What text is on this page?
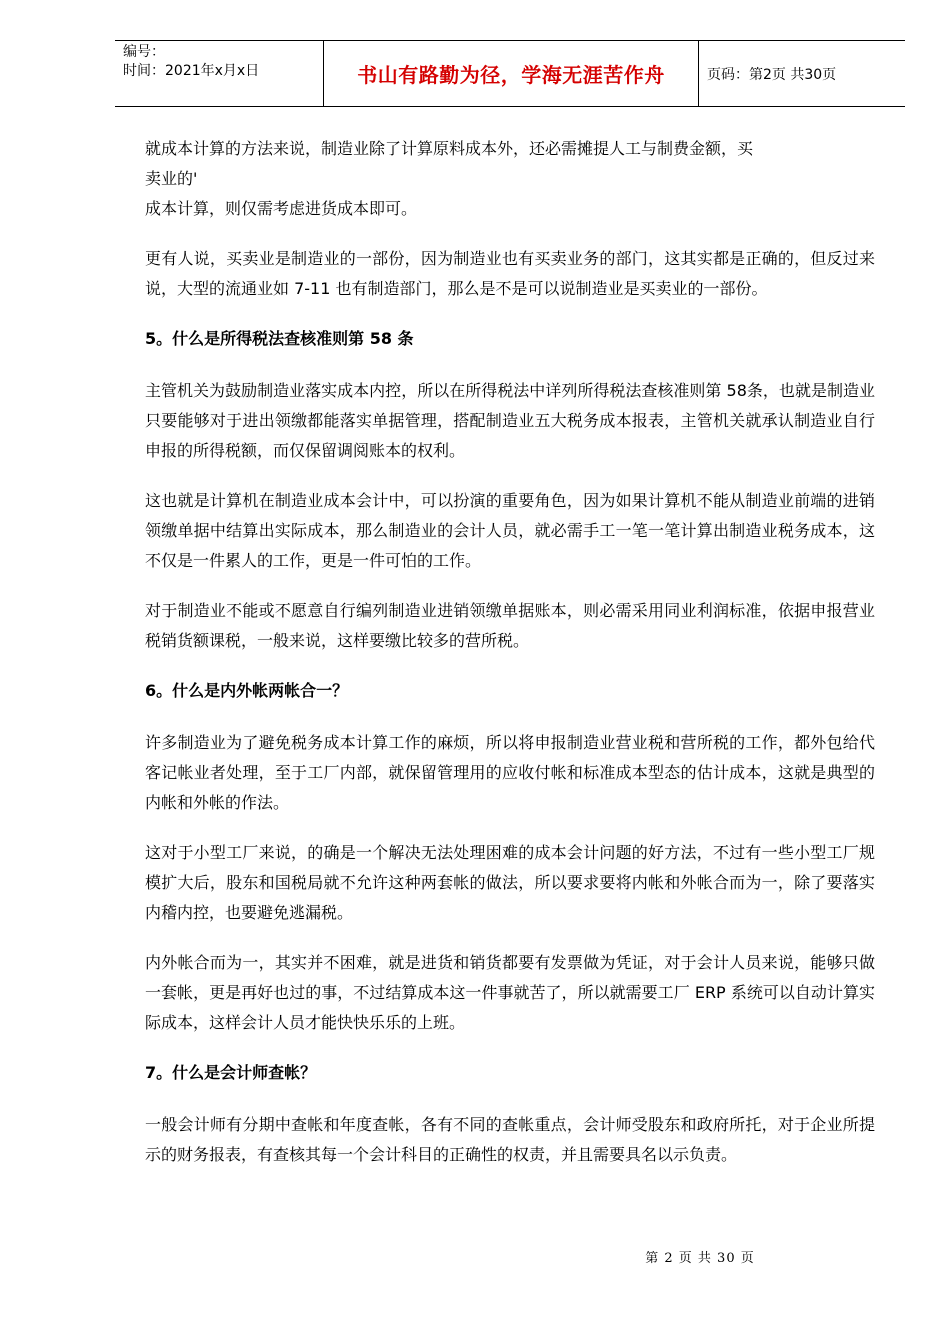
编号：
时间：2021年x月x日	书山有路勤为径，学海无涯苦作舟	页码：第2页 共30页
就成本计算的方法来说，制造业除了计算原料成本外，还必需摊提人工与制费金额，买
卖业的'
成本计算，则仅需考虑进货成本即可。
更有人说，买卖业是制造业的一部份，因为制造业也有买卖业务的部门，这其实都是正确的，但反过来说，大型的流通业如 7-11 也有制造部门，那么是不是可以说制造业是买卖业的一部份。
5。什么是所得税法查核准则第 58 条
主管机关为鼓励制造业落实成本内控，所以在所得税法中详列所得税法查核准则第 58条，也就是制造业只要能够对于进出领缴都能落实单据管理，搭配制造业五大税务成本报表，主管机关就承认制造业自行申报的所得税额，而仅保留调阅账本的权利。
这也就是计算机在制造业成本会计中，可以扮演的重要角色，因为如果计算机不能从制造业前端的进销领缴单据中结算出实际成本，那么制造业的会计人员，就必需手工一笔一笔计算出制造业税务成本，这不仅是一件累人的工作，更是一件可怕的工作。
对于制造业不能或不愿意自行编列制造业进销领缴单据账本，则必需采用同业利润标准，依据申报营业税销货额课税，一般来说，这样要缴比较多的营所税。
6。什么是内外帐两帐合一？
许多制造业为了避免税务成本计算工作的麻烦，所以将申报制造业营业税和营所税的工作，都外包给代客记帐业者处理，至于工厂内部，就保留管理用的应收付帐和标准成本型态的估计成本，这就是典型的内帐和外帐的作法。
这对于小型工厂来说，的确是一个解决无法处理困难的成本会计问题的好方法，不过有一些小型工厂规模扩大后，股东和国税局就不允许这种两套帐的做法，所以要求要将内帐和外帐合而为一，除了要落实内稽内控，也要避免逃漏税。
内外帐合而为一，其实并不困难，就是进货和销货都要有发票做为凭证，对于会计人员来说，能够只做一套帐，更是再好也过的事，不过结算成本这一件事就苦了，所以就需要工厂 ERP 系统可以自动计算实际成本，这样会计人员才能快快乐乐的上班。
7。什么是会计师查帐？
一般会计师有分期中查帐和年度查帐，各有不同的查帐重点，会计师受股东和政府所托，对于企业所提示的财务报表，有查核其每一个会计科目的正确性的权责，并且需要具名以示负责。
第 2 页 共 30 页
